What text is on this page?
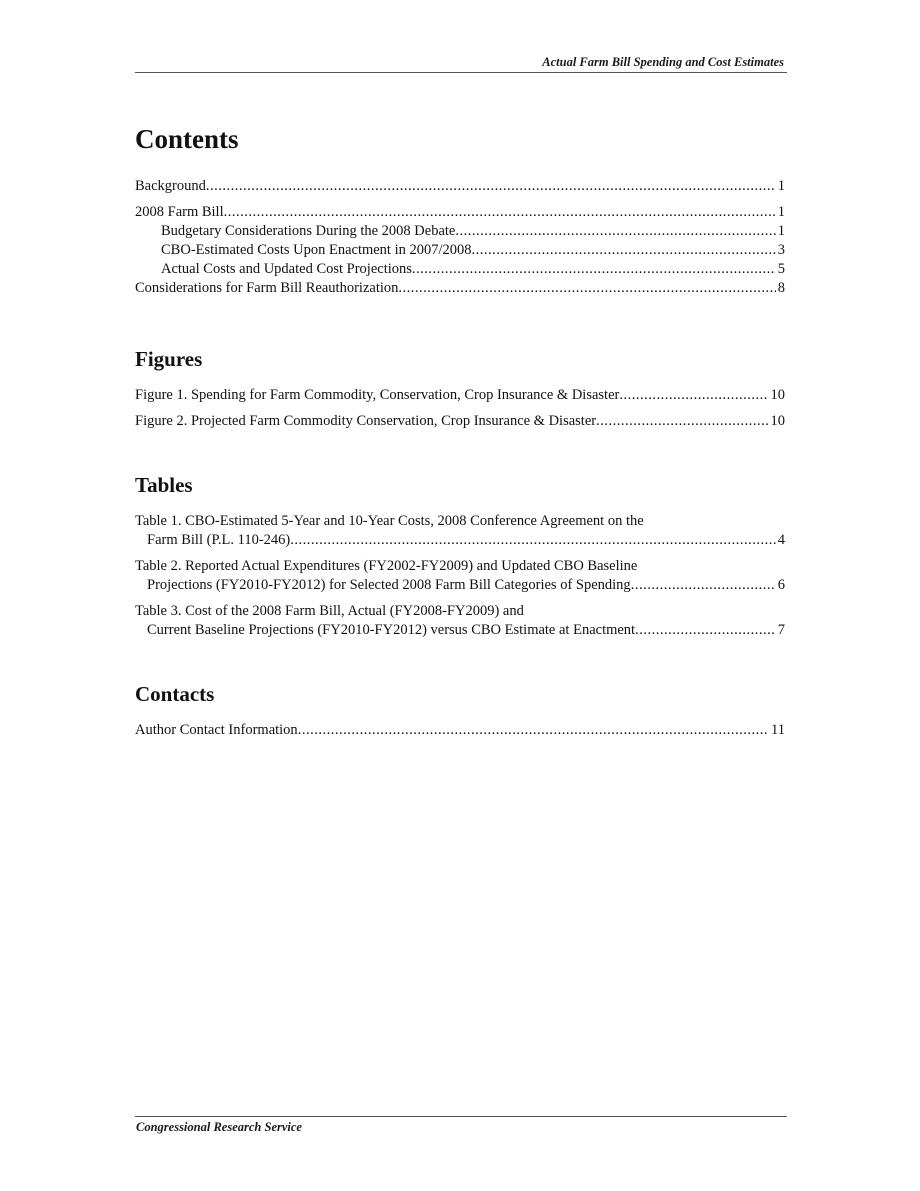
Actual Farm Bill Spending and Cost Estimates
Contents
Background .....	1
2008 Farm Bill .....	1
Budgetary Considerations During the 2008 Debate .....	1
CBO-Estimated Costs Upon Enactment in 2007/2008 .....	3
Actual Costs and Updated Cost Projections .....	5
Considerations for Farm Bill Reauthorization .....	8
Figures
Figure 1. Spending for Farm Commodity, Conservation, Crop Insurance & Disaster .....	10
Figure 2. Projected Farm Commodity Conservation, Crop Insurance & Disaster .....	10
Tables
Table 1. CBO-Estimated 5-Year and 10-Year Costs, 2008 Conference Agreement on the
Farm Bill (P.L. 110-246) .....	4
Table 2. Reported Actual Expenditures (FY2002-FY2009) and Updated CBO Baseline
Projections (FY2010-FY2012) for Selected 2008 Farm Bill Categories of Spending .....	6
Table 3. Cost of the 2008 Farm Bill, Actual (FY2008-FY2009) and
Current Baseline Projections (FY2010-FY2012) versus CBO Estimate at Enactment .....	7
Contacts
Author Contact Information .....	11
Congressional Research Service
